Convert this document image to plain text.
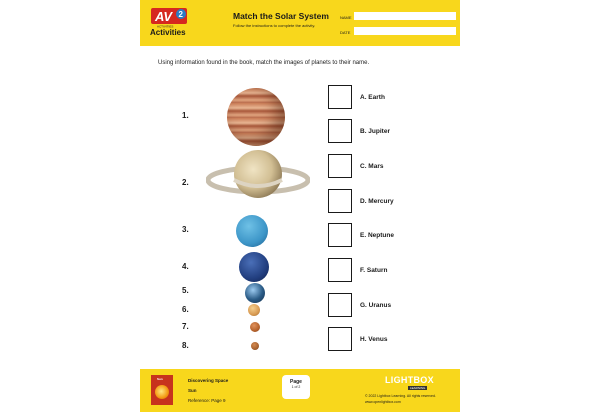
AV 2
ACTIVITIES
Activities
Match the Solar System
Follow the instructions to complete the activity.
NAME
DATE
Using information found in the book, match the images of planets to their name.
1.
2.
3.
4.
5.
6.
7.
8.
A. Earth
B. Jupiter
C. Mars
D. Mercury
E. Neptune
F. Saturn
G. Uranus
H. Venus
Sun	Discovering Space
Sun
Reference: Page 9
Page
1 of 2
LIGHTBOX
LEARNING
© 2022 Lightbox Learning. All rights reserved.
www.openlightbox.com
